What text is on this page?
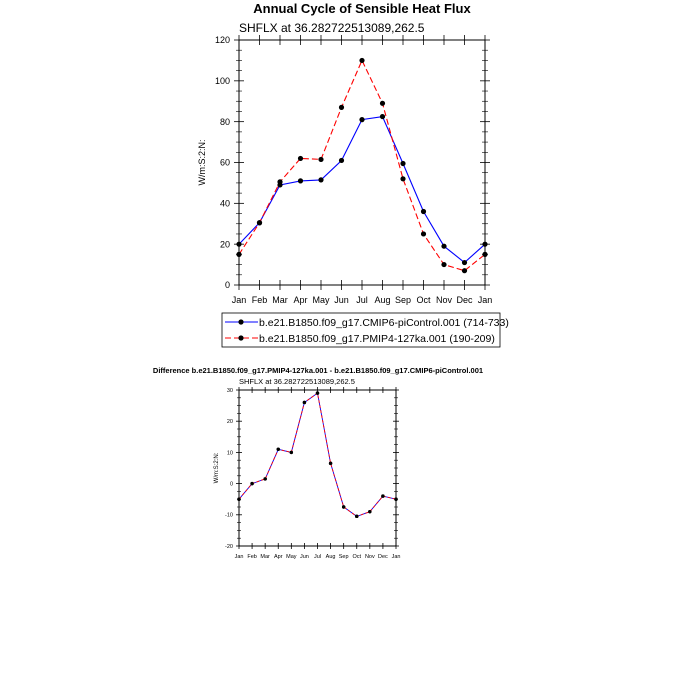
Annual Cycle of Sensible Heat Flux
SHFLX at 36.282722513089,262.5
0
20
40
60
80
100
120
Jan Feb Mar Apr May Jun Jul Aug Sep Oct Nov Dec Jan
W/m:S:2:N:
b.e21.B1850.f09_g17.CMIP6-piControl.001 (714-733)
b.e21.B1850.f09_g17.PMIP4-127ka.001 (190-209)
Difference b.e21.B1850.f09_g17.PMIP4-127ka.001 - b.e21.B1850.f09_g17.CMIP6-piControl.001
SHFLX at 36.282722513089,262.5
-20
-10
0
10
20
30
Jan Feb Mar Apr May Jun Jul Aug Sep Oct Nov Dec Jan
W/m:S:2:N:
